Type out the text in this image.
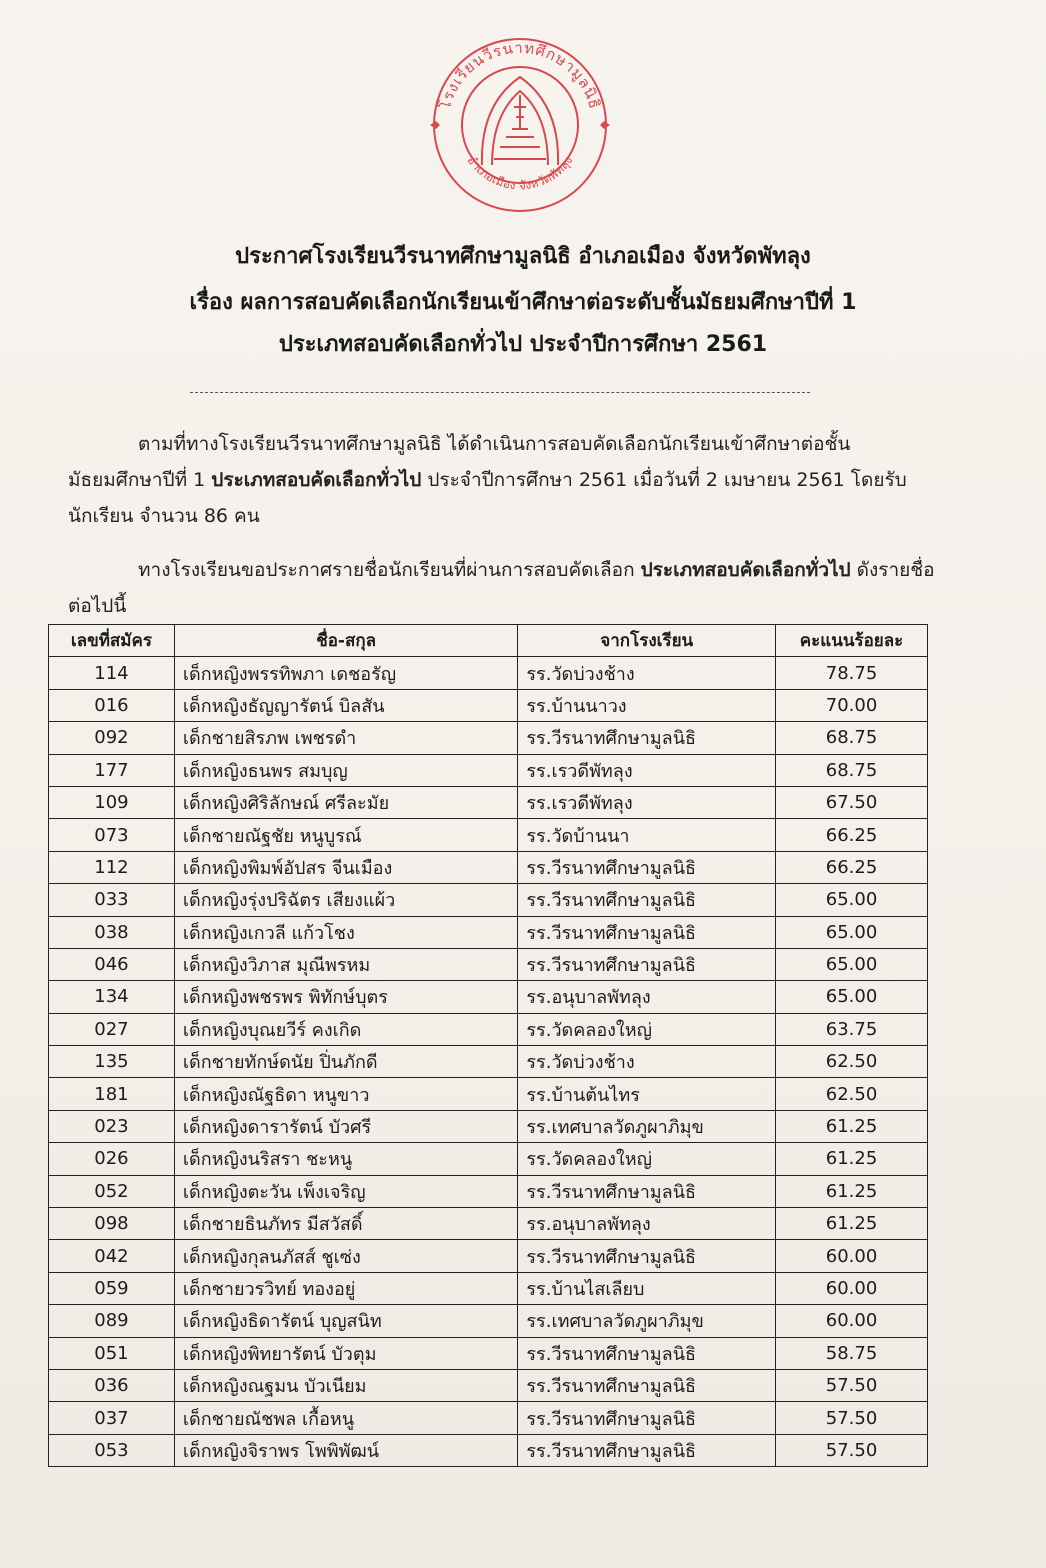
โรงเรียนวีรนาทศึกษามูลนิธิ
อำเภอเมือง จังหวัดพัทลุง
ประกาศโรงเรียนวีรนาทศึกษามูลนิธิ อำเภอเมือง จังหวัดพัทลุง
เรื่อง ผลการสอบคัดเลือกนักเรียนเข้าศึกษาต่อระดับชั้นมัธยมศึกษาปีที่ 1
ประเภทสอบคัดเลือกทั่วไป ประจำปีการศึกษา 2561
ตามที่ทางโรงเรียนวีรนาทศึกษามูลนิธิ ได้ดำเนินการสอบคัดเลือกนักเรียนเข้าศึกษาต่อชั้นมัธยมศึกษาปีที่ 1 ประเภทสอบคัดเลือกทั่วไป ประจำปีการศึกษา 2561 เมื่อวันที่ 2 เมษายน 2561 โดยรับนักเรียน จำนวน 86 คน
ทางโรงเรียนขอประกาศรายชื่อนักเรียนที่ผ่านการสอบคัดเลือก ประเภทสอบคัดเลือกทั่วไป ดังรายชื่อต่อไปนี้
เลขที่สมัคร	ชื่อ-สกุล	จากโรงเรียน	คะแนนร้อยละ
114	เด็กหญิงพรรทิพภา เดชอรัญ	รร.วัดบ่วงช้าง	78.75
016	เด็กหญิงธัญญารัตน์ บิลสัน	รร.บ้านนาวง	70.00
092	เด็กชายสิรภพ เพชรดำ	รร.วีรนาทศึกษามูลนิธิ	68.75
177	เด็กหญิงธนพร สมบุญ	รร.เรวดีพัทลุง	68.75
109	เด็กหญิงศิริลักษณ์ ศรีละมัย	รร.เรวดีพัทลุง	67.50
073	เด็กชายณัฐชัย หนูบูรณ์	รร.วัดบ้านนา	66.25
112	เด็กหญิงพิมพ์อัปสร จีนเมือง	รร.วีรนาทศึกษามูลนิธิ	66.25
033	เด็กหญิงรุ่งปริฉัตร เสียงแผ้ว	รร.วีรนาทศึกษามูลนิธิ	65.00
038	เด็กหญิงเกวลี แก้วโชง	รร.วีรนาทศึกษามูลนิธิ	65.00
046	เด็กหญิงวิภาส มุณีพรหม	รร.วีรนาทศึกษามูลนิธิ	65.00
134	เด็กหญิงพชรพร พิทักษ์บุตร	รร.อนุบาลพัทลุง	65.00
027	เด็กหญิงบุณยวีร์ คงเกิด	รร.วัดคลองใหญ่	63.75
135	เด็กชายทักษ์ดนัย ปิ่นภักดี	รร.วัดบ่วงช้าง	62.50
181	เด็กหญิงณัฐธิดา หนูขาว	รร.บ้านต้นไทร	62.50
023	เด็กหญิงดารารัตน์ บัวศรี	รร.เทศบาลวัดภูผาภิมุข	61.25
026	เด็กหญิงนริสรา ชะหนู	รร.วัดคลองใหญ่	61.25
052	เด็กหญิงตะวัน เพ็งเจริญ	รร.วีรนาทศึกษามูลนิธิ	61.25
098	เด็กชายธินภัทร มีสวัสดิ์	รร.อนุบาลพัทลุง	61.25
042	เด็กหญิงกุลนภัสส์ ชูเซ่ง	รร.วีรนาทศึกษามูลนิธิ	60.00
059	เด็กชายวรวิทย์ ทองอยู่	รร.บ้านไสเลียบ	60.00
089	เด็กหญิงธิดารัตน์ บุญสนิท	รร.เทศบาลวัดภูผาภิมุข	60.00
051	เด็กหญิงพิทยารัตน์ บัวตุม	รร.วีรนาทศึกษามูลนิธิ	58.75
036	เด็กหญิงณฐมน บัวเนียม	รร.วีรนาทศึกษามูลนิธิ	57.50
037	เด็กชายณัชพล เกื้อหนู	รร.วีรนาทศึกษามูลนิธิ	57.50
053	เด็กหญิงจิราพร โพพิพัฒน์	รร.วีรนาทศึกษามูลนิธิ	57.50
